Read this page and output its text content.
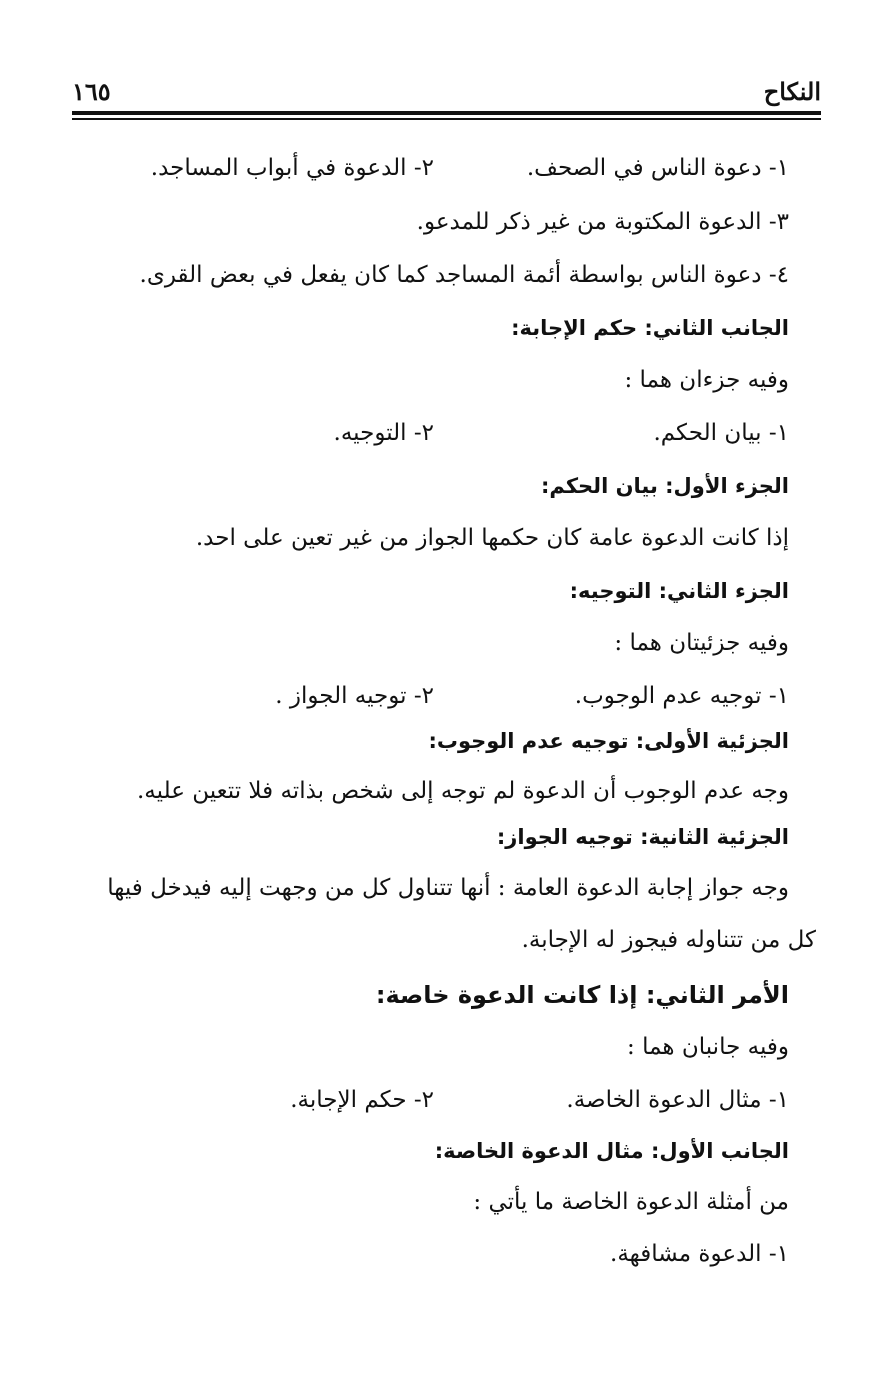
النكاح
١٦٥
١- دعوة الناس في الصحف.
٢- الدعوة في أبواب المساجد.
٣- الدعوة المكتوبة من غير ذكر للمدعو.
٤- دعوة الناس بواسطة أئمة المساجد كما كان يفعل في بعض القرى.
الجانب الثاني: حكم الإجابة:
وفيه جزءان هما :
١- بيان الحكم.
٢- التوجيه.
الجزء الأول: بيان الحكم:
إذا كانت الدعوة عامة كان حكمها الجواز من غير تعين على احد.
الجزء الثاني: التوجيه:
وفيه جزئيتان هما :
١- توجيه عدم الوجوب.
٢- توجيه الجواز .
الجزئية الأولى: توجيه عدم الوجوب:
وجه عدم الوجوب أن الدعوة لم توجه إلى شخص بذاته فلا تتعين عليه.
الجزئية الثانية: توجيه الجواز:
وجه جواز إجابة الدعوة العامة : أنها تتناول كل من وجهت إليه فيدخل فيها
كل من تتناوله فيجوز له الإجابة.
الأمر الثاني: إذا كانت الدعوة خاصة:
وفيه جانبان هما :
١- مثال الدعوة الخاصة.
٢- حكم الإجابة.
الجانب الأول: مثال الدعوة الخاصة:
من أمثلة الدعوة الخاصة ما يأتي :
١- الدعوة مشافهة.
